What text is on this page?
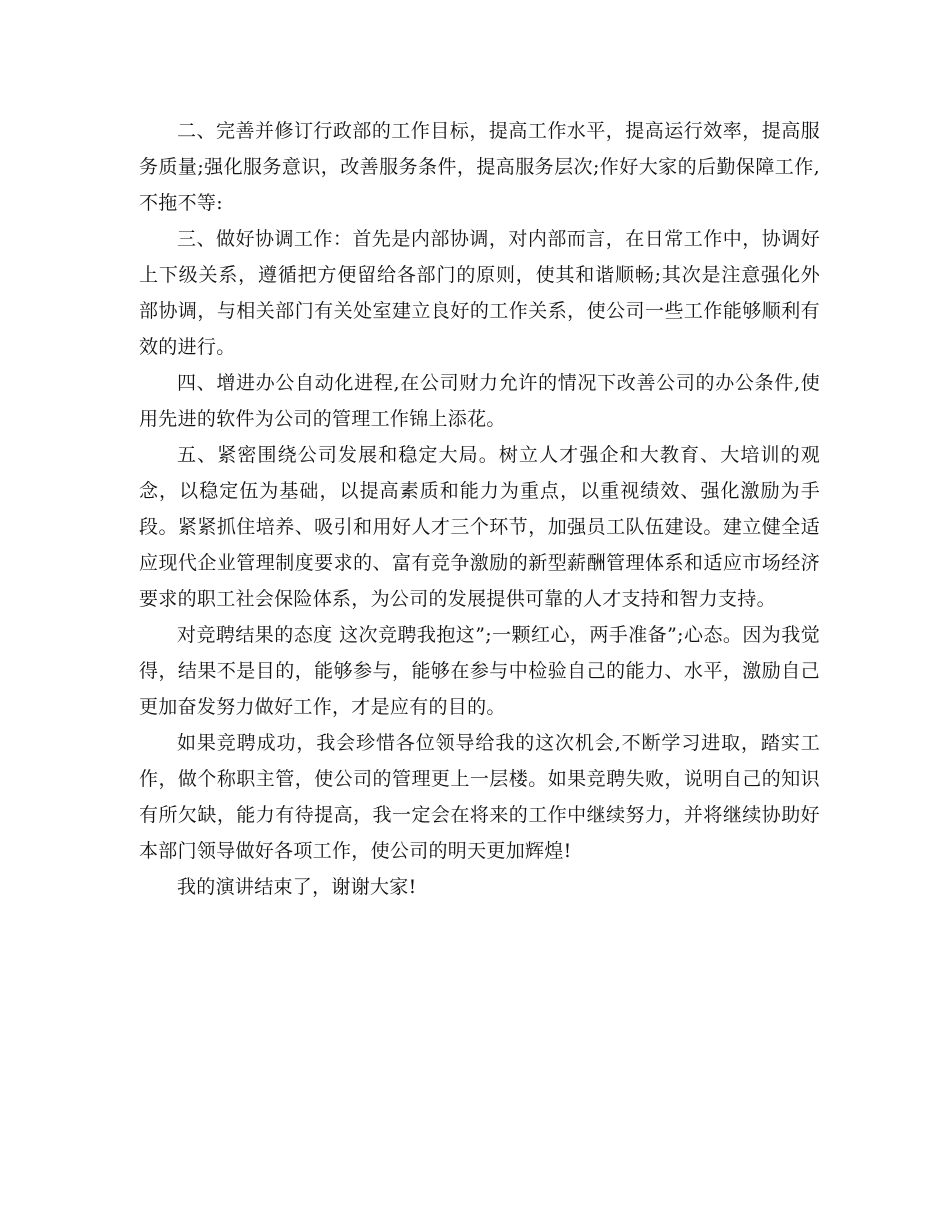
二、完善并修订行政部的工作目标，提高工作水平，提高运行效率，提高服务质量;强化服务意识，改善服务条件，提高服务层次;作好大家的后勤保障工作,不拖不等:

三、做好协调工作：首先是内部协调，对内部而言，在日常工作中，协调好上下级关系，遵循把方便留给各部门的原则，使其和谐顺畅;其次是注意强化外部协调，与相关部门有关处室建立良好的工作关系，使公司一些工作能够顺利有效的进行。

四、增进办公自动化进程,在公司财力允许的情况下改善公司的办公条件,使用先进的软件为公司的管理工作锦上添花。

五、紧密围绕公司发展和稳定大局。树立人才强企和大教育、大培训的观念，以稳定伍为基础，以提高素质和能力为重点，以重视绩效、强化激励为手段。紧紧抓住培养、吸引和用好人才三个环节，加强员工队伍建设。建立健全适应现代企业管理制度要求的、富有竞争激励的新型薪酬管理体系和适应市场经济要求的职工社会保险体系，为公司的发展提供可靠的人才支持和智力支持。

对竞聘结果的态度 这次竞聘我抱这”;一颗红心，两手准备”;心态。因为我觉得，结果不是目的，能够参与，能够在参与中检验自己的能力、水平，激励自己更加奋发努力做好工作，才是应有的目的。

如果竞聘成功，我会珍惜各位领导给我的这次机会,不断学习进取，踏实工作，做个称职主管，使公司的管理更上一层楼。如果竞聘失败，说明自己的知识有所欠缺，能力有待提高，我一定会在将来的工作中继续努力，并将继续协助好本部门领导做好各项工作，使公司的明天更加辉煌!

我的演讲结束了，谢谢大家!
